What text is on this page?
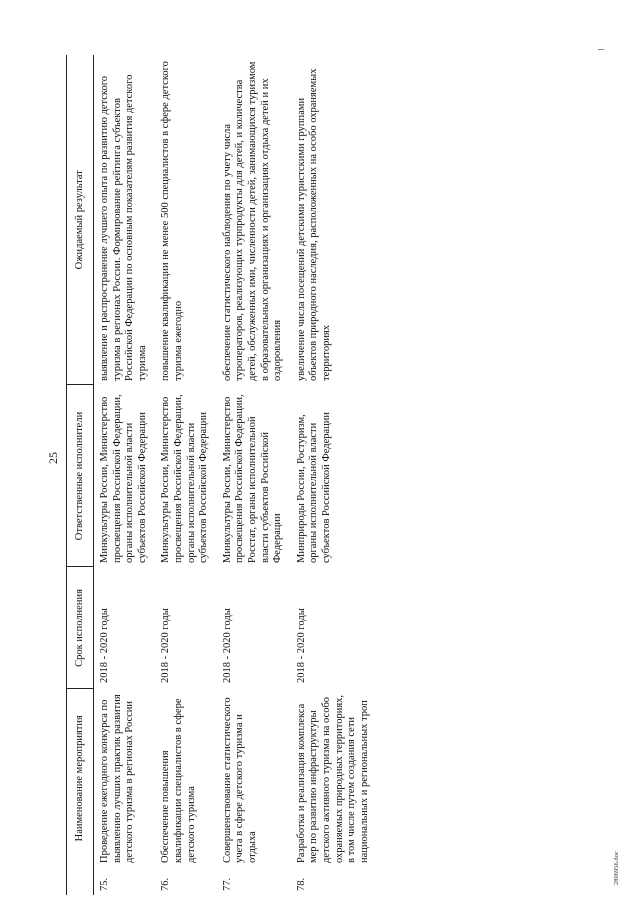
25
	Наименование мероприятия	Срок исполнения	Ответственные исполнители	Ожидаемый результат
75.	Проведение ежегодного конкурса по выявлению лучших практик развития детского туризма в регионах России	2018 - 2020 годы	Минкультуры России, Министерство просвещения Российской Федерации, органы исполнительной власти субъектов Российской Федерации	выявление и распространение лучшего опыта по развитию детского туризма в регионах России. Формирование рейтинга субъектов Российской Федерации по основным показателям развития детского туризма
76.	Обеспечение повышения квалификации специалистов в сфере детского туризма	2018 - 2020 годы	Минкультуры России, Министерство просвещения Российской Федерации, органы исполнительной власти субъектов Российской Федерации	повышение квалификации не менее 500 специалистов в сфере детского туризма ежегодно
77.	Совершенствование статистического учета в сфере детского туризма и отдыха	2018 - 2020 годы	Минкультуры России, Министерство просвещения Российской Федерации, Росстат, органы исполнительной власти субъектов Российской Федерации	обеспечение статистического наблюдения по учету числа туроператоров, реализующих турпродукты для детей, и количества детей, обслуженных ими, численности детей, занимающихся туризмом в образовательных организациях и организациях отдыха детей и их оздоровления
78.	Разработка и реализация комплекса мер по развитию инфраструктуры детского активного туризма на особо охраняемых природных территориях, в том числе путем создания сети национальных и региональных троп	2018 - 2020 годы	Минприроды России, Ростуризм, органы исполнительной власти субъектов Российской Федерации	увеличение числа посещений детскими туристскими группами объектов природного наследия, расположенных на особо охраняемых территориях
2806956.doc
